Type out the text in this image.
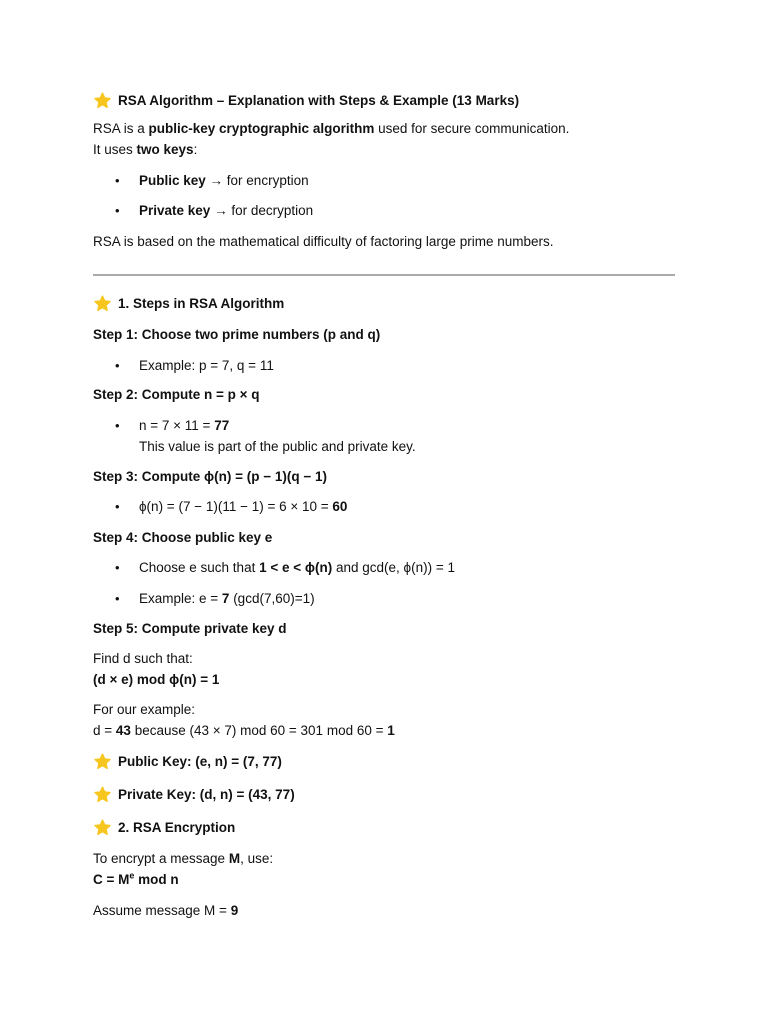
RSA Algorithm – Explanation with Steps & Example (13 Marks)
RSA is a public-key cryptographic algorithm used for secure communication.
It uses two keys:
• Public key → for encryption
• Private key → for decryption
RSA is based on the mathematical difficulty of factoring large prime numbers.
1. Steps in RSA Algorithm
Step 1: Choose two prime numbers (p and q)
• Example: p = 7, q = 11
Step 2: Compute n = p × q
• n = 7 × 11 = 77
This value is part of the public and private key.
Step 3: Compute ϕ(n) = (p − 1)(q − 1)
• ϕ(n) = (7 − 1)(11 − 1) = 6 × 10 = 60
Step 4: Choose public key e
• Choose e such that 1 < e < ϕ(n) and gcd(e, ϕ(n)) = 1
• Example: e = 7 (gcd(7,60)=1)
Step 5: Compute private key d
Find d such that:
(d × e) mod ϕ(n) = 1
For our example:
d = 43 because (43 × 7) mod 60 = 301 mod 60 = 1
Public Key: (e, n) = (7, 77)
Private Key: (d, n) = (43, 77)
2. RSA Encryption
To encrypt a message M, use:
$C = M^e$ mod n
Assume message M = 9
